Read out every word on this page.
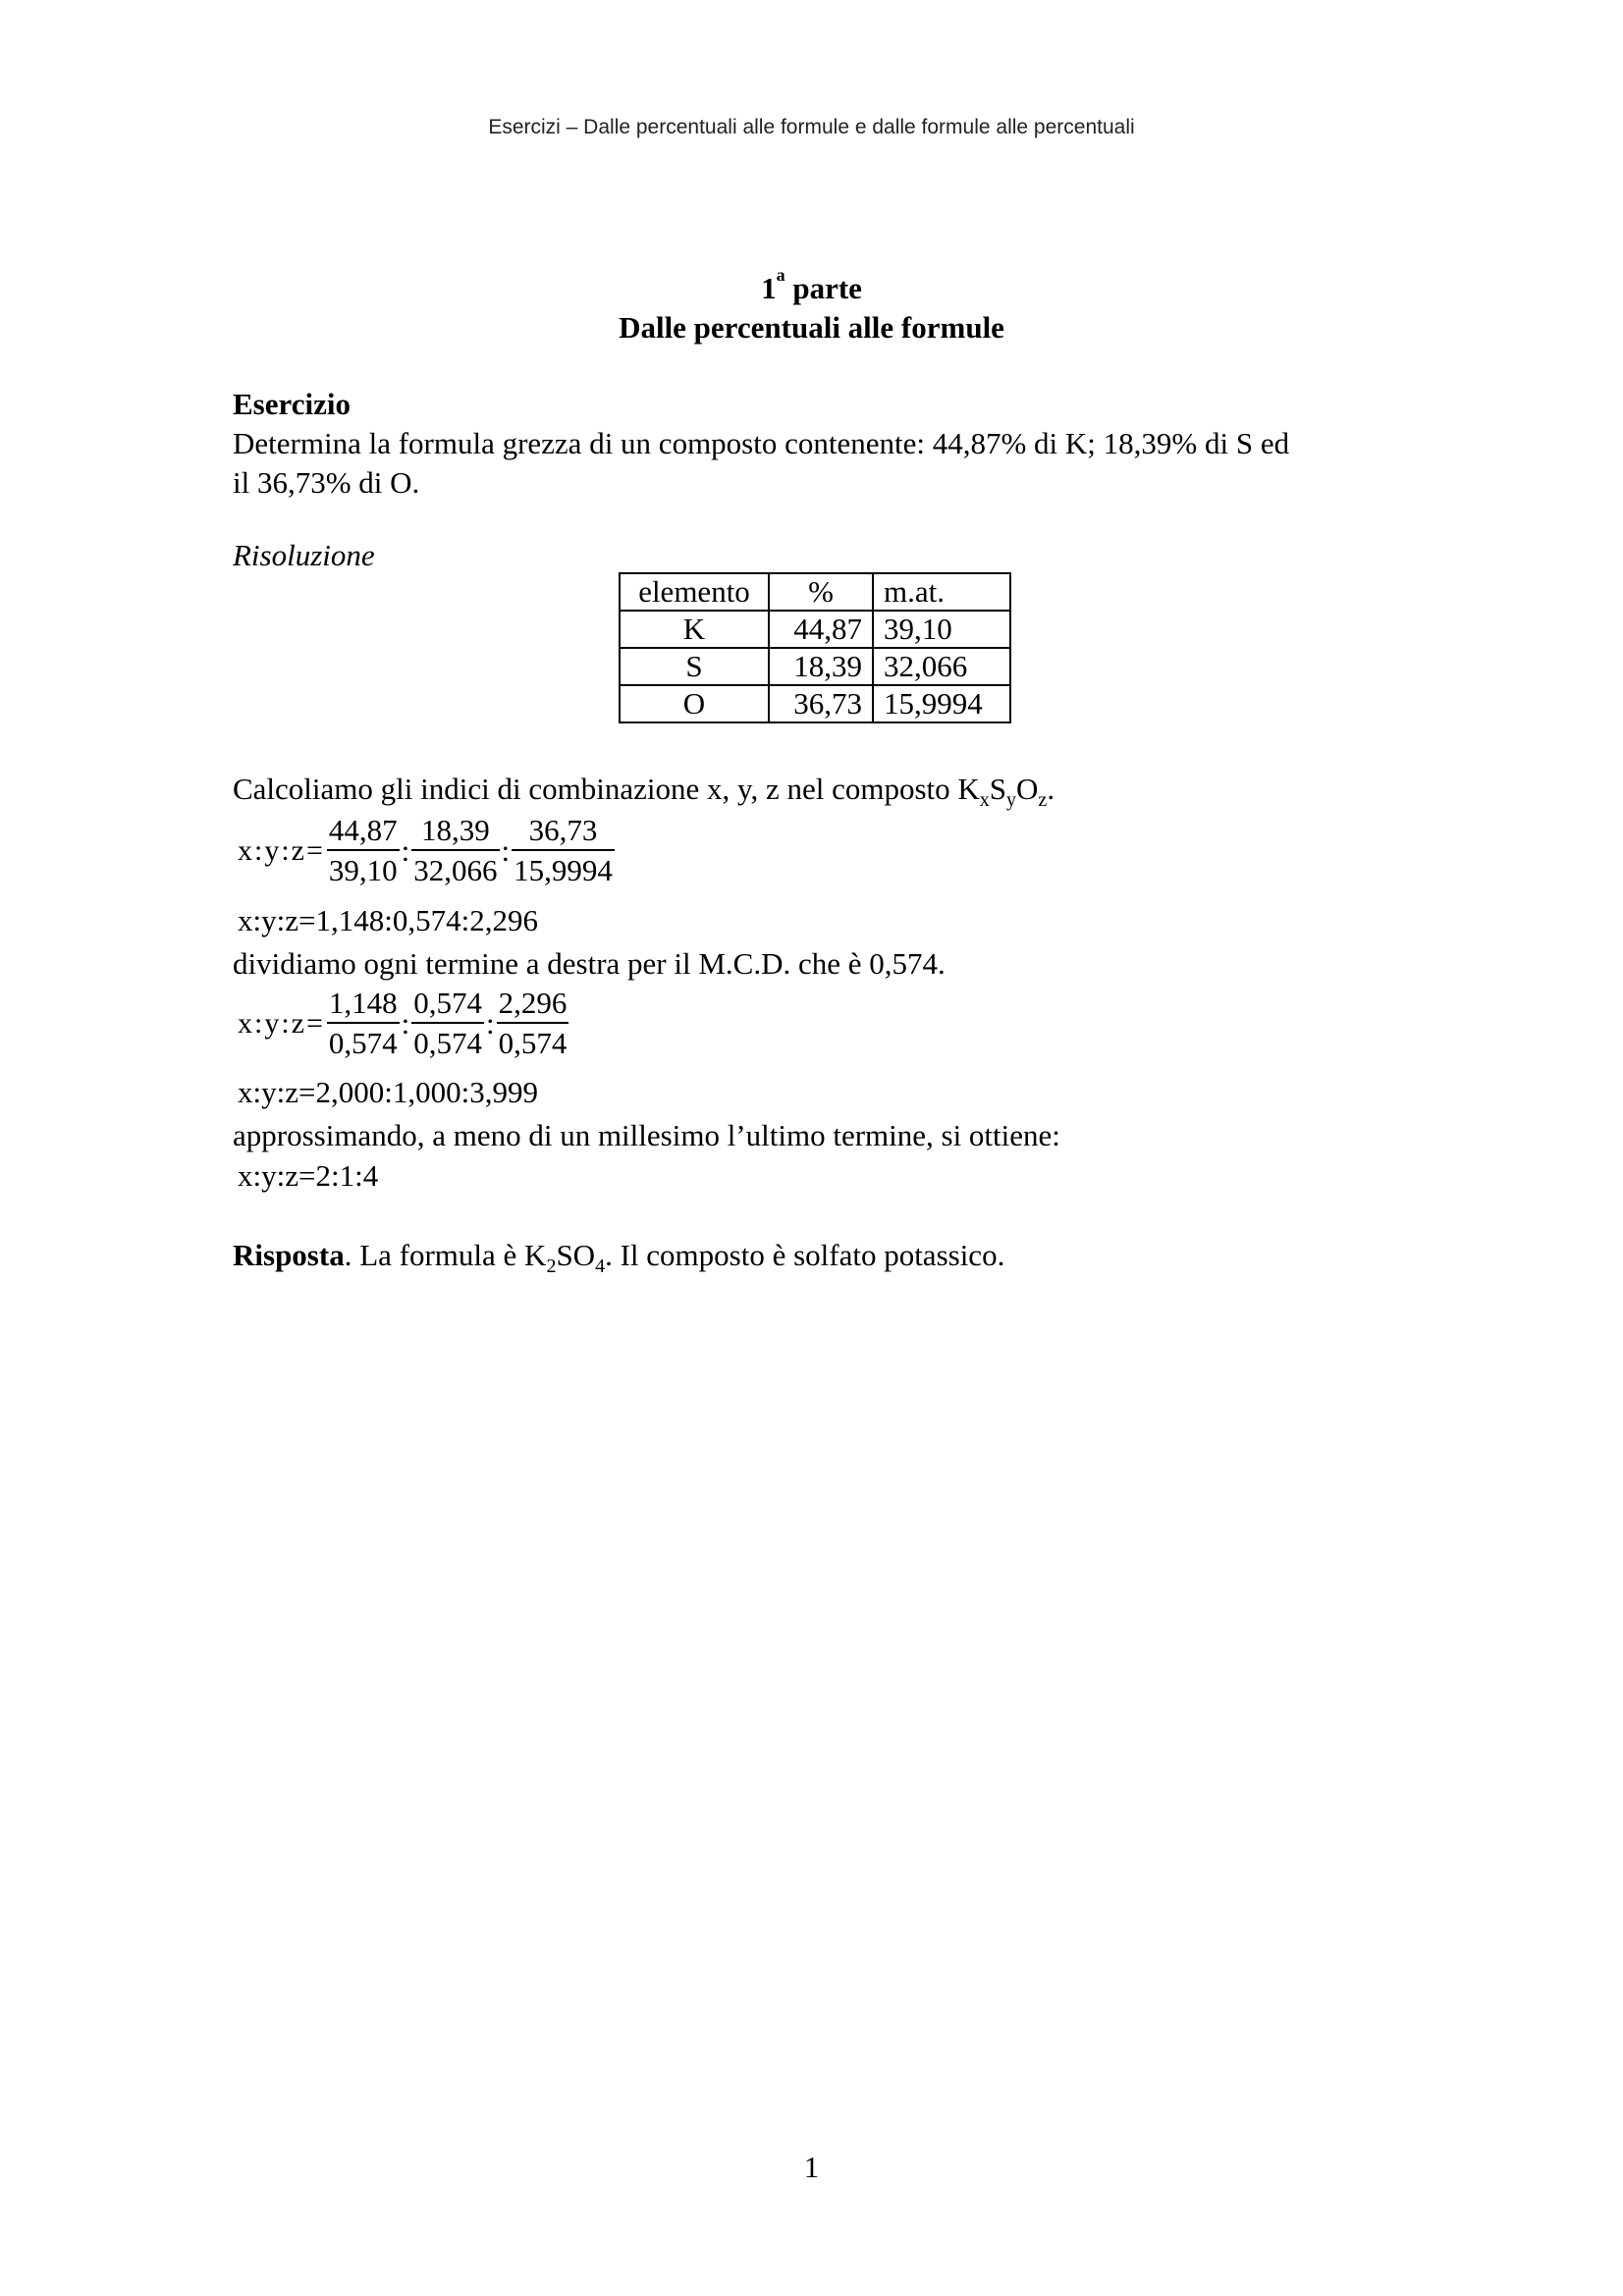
Esercizi – Dalle percentuali alle formule e dalle formule alle percentuali
1$^a$ parte
Dalle percentuali alle formule
Esercizio
Determina la formula grezza di un composto contenente: 44,87% di K; 18,39% di S ed
il 36,73% di O.
Risoluzione
elemento	%	m.at.
K	44,87	39,10
S	18,39	32,066
O	36,73	15,9994
Calcoliamo gli indici di combinazione x, y, z nel composto $K_xS_yO_z$.
x:y:z= $\frac{44,87}{39,10}$ : $\frac{18,39}{32,066}$ : $\frac{36,73}{15,9994}$
x:y:z=1,148:0,574:2,296
dividiamo ogni termine a destra per il M.C.D. che è 0,574.
x:y:z= $\frac{1,148}{0,574}$ : $\frac{0,574}{0,574}$ : $\frac{2,296}{0,574}$
x:y:z=2,000:1,000:3,999
approssimando, a meno di un millesimo l’ultimo termine, si ottiene:
x:y:z=2:1:4
Risposta. La formula è $K_2SO_4$. Il composto è solfato potassico.
1
